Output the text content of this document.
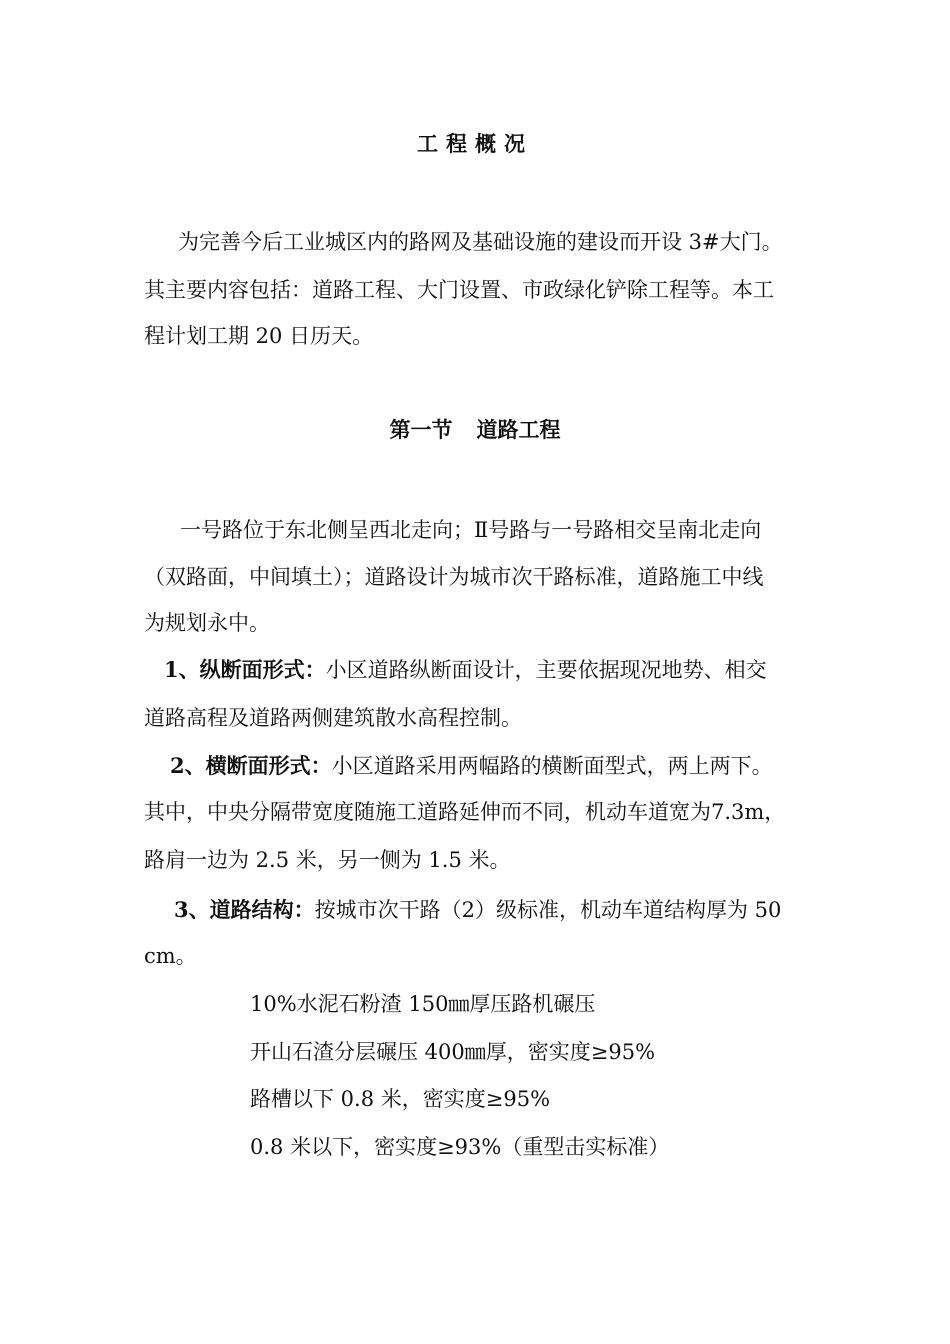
工程概况
为完善今后工业城区内的路网及基础设施的建设而开设 3#大门。
其主要内容包括：道路工程、大门设置、市政绿化铲除工程等。本工
程计划工期 20 日历天。
第一节 道路工程
一号路位于东北侧呈西北走向；Ⅱ号路与一号路相交呈南北走向
（双路面，中间填土）；道路设计为城市次干路标准，道路施工中线
为规划永中。
1、纵断面形式：小区道路纵断面设计，主要依据现况地势、相交
道路高程及道路两侧建筑散水高程控制。
2、横断面形式：小区道路采用两幅路的横断面型式，两上两下。
其中，中央分隔带宽度随施工道路延伸而不同，机动车道宽为7.3m，
路肩一边为 2.5 米，另一侧为 1.5 米。
3、道路结构：按城市次干路（2）级标准，机动车道结构厚为 50
cm。
10%水泥石粉渣 150㎜厚压路机碾压
开山石渣分层碾压 400㎜厚，密实度≥95%
路槽以下 0.8 米，密实度≥95%
0.8 米以下，密实度≥93%（重型击实标准）
